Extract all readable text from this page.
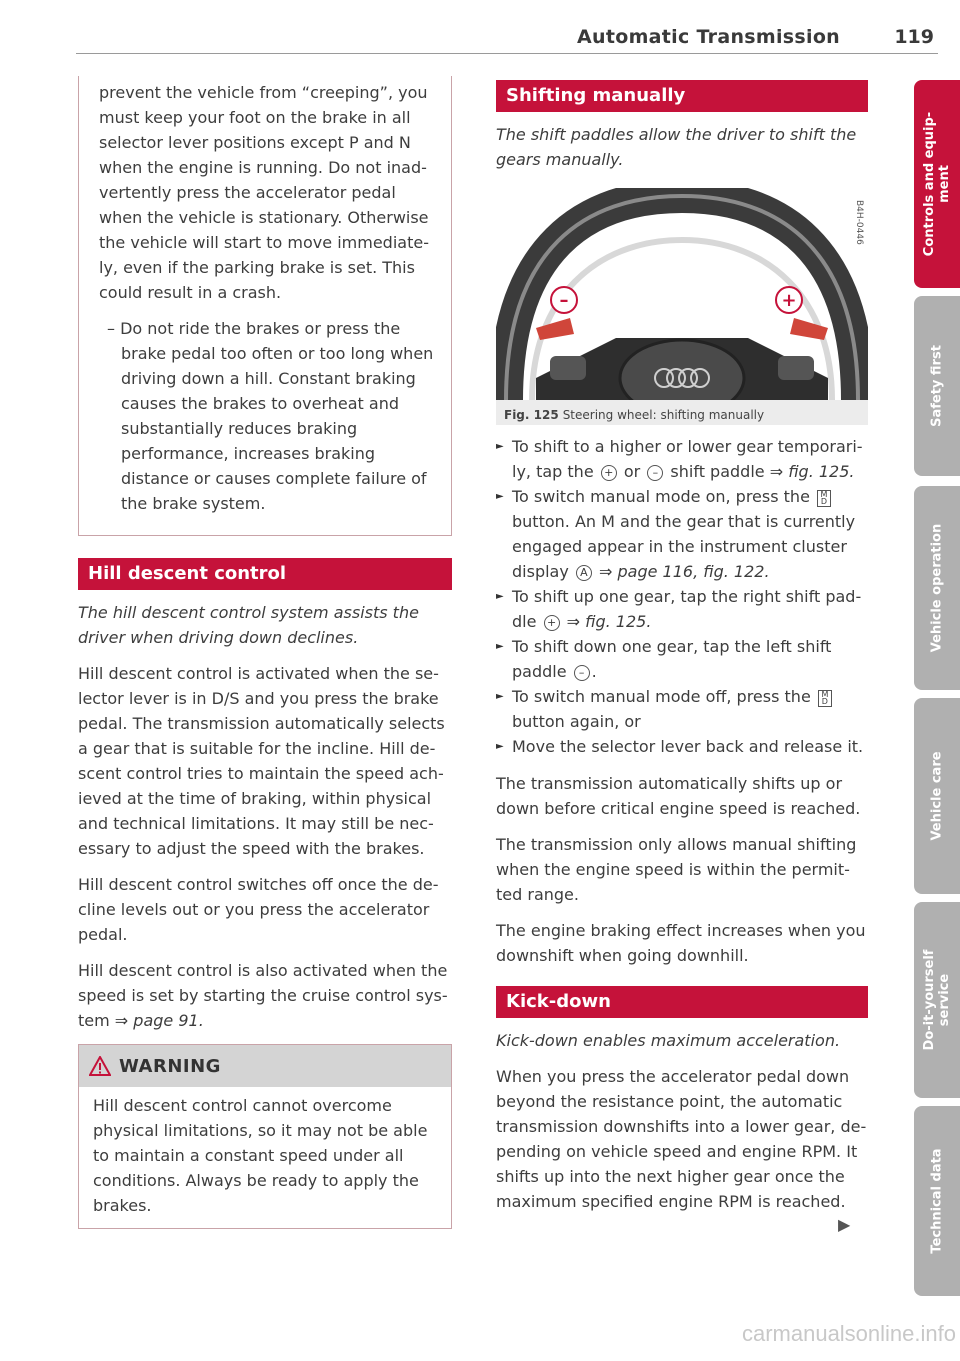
Automatic Transmission	119

prevent the vehicle from “creeping”, you must keep your foot on the brake in all selector lever positions except P and N when the engine is running. Do not inadvertently press the accelerator pedal when the vehicle is stationary. Otherwise the vehicle will start to move immediately, even if the parking brake is set. This could result in a crash.

– Do not ride the brakes or press the brake pedal too often or too long when driving down a hill. Constant braking causes the brakes to overheat and substantially reduces braking performance, increases braking distance or causes complete failure of the brake system.

Hill descent control

The hill descent control system assists the driver when driving down declines.

Hill descent control is activated when the selector lever is in D/S and you press the brake pedal. The transmission automatically selects a gear that is suitable for the incline. Hill descent control tries to maintain the speed achieved at the time of braking, within physical and technical limitations. It may still be necessary to adjust the speed with the brakes.

Hill descent control switches off once the decline levels out or you press the accelerator pedal.

Hill descent control is also activated when the speed is set by starting the cruise control system ⇒ page 91.

WARNING
Hill descent control cannot overcome physical limitations, so it may not be able to maintain a constant speed under all conditions. Always be ready to apply the brakes.
Shifting manually

The shift paddles allow the driver to shift the gears manually.

–	+
B4H-0446
Fig. 125 Steering wheel: shifting manually
► To shift to a higher or lower gear temporarily, tap the + or – shift paddle ⇒ fig. 125.
► To switch manual mode on, press the M
D button. An M and the gear that is currently engaged appear in the instrument cluster display A ⇒ page 116, fig. 122.
► To shift up one gear, tap the right shift paddle + ⇒ fig. 125.
► To shift down one gear, tap the left shift paddle – .
► To switch manual mode off, press the M
D button again, or
► Move the selector lever back and release it.

The transmission automatically shifts up or down before critical engine speed is reached.

The transmission only allows manual shifting when the engine speed is within the permitted range.

The engine braking effect increases when you downshift when going downhill.

Kick-down

Kick-down enables maximum acceleration.

When you press the accelerator pedal down beyond the resistance point, the automatic transmission downshifts into a lower gear, depending on vehicle speed and engine RPM. It shifts up into the next higher gear once the maximum specified engine RPM is reached.

▶
Controls and equip-
ment
Safety first
Vehicle operation
Vehicle care
Do-it-yourself
service
Technical data
carmanualsonline.info
